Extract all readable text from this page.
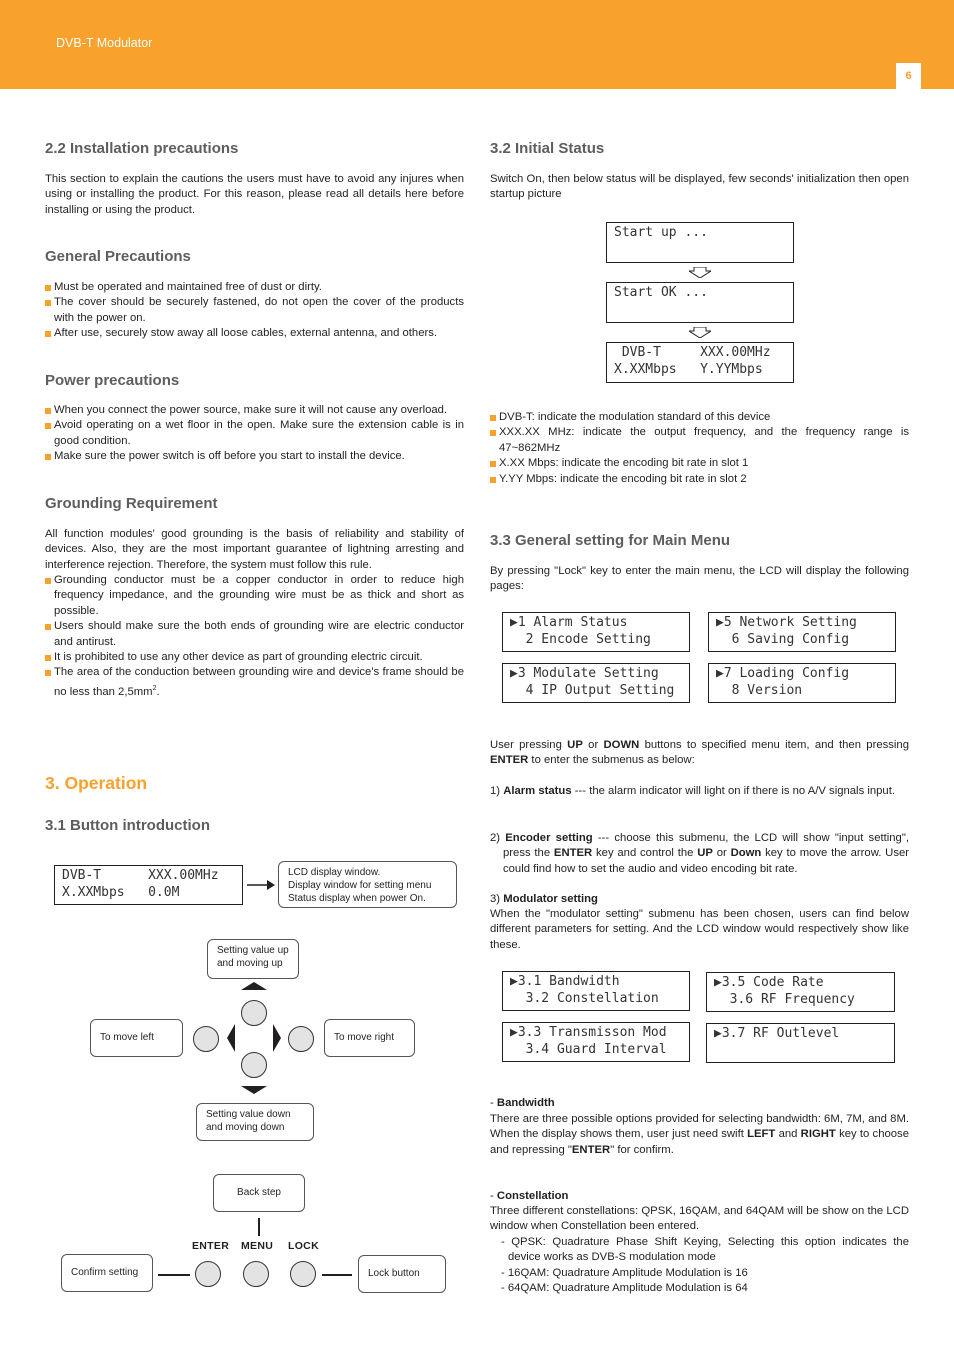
DVB-T Modulator
6
2.2 Installation precautions
This section to explain the cautions the users must have to avoid any injures when using or installing the product. For this reason, please read all details here before installing or using the product.
General Precautions
Must be operated and maintained free of dust or dirty.
The cover should be securely fastened, do not open the cover of the products with the power on.
After use, securely stow away all loose cables, external antenna, and others.
Power precautions
When you connect the power source, make sure it will not cause any overload.
Avoid operating on a wet floor in the open. Make sure the extension cable is in good condition.
Make sure the power switch is off before you start to install the device.
Grounding Requirement
All function modules' good grounding is the basis of reliability and stability of devices. Also, they are the most important guarantee of lightning arresting and interference rejection. Therefore, the system must follow this rule.
Grounding conductor must be a copper conductor in order to reduce high frequency impedance, and the grounding wire must be as thick and short as possible.
Users should make sure the both ends of grounding wire are electric conductor and antirust.
It is prohibited to use any other device as part of grounding electric circuit.
The area of the conduction between grounding wire and device's frame should be no less than $2,5mm^2$.
3. Operation
3.1 Button introduction
DVB-T      XXX.00MHz
X.XXMbps   0.0M
LCD display window.
Display window for setting menu
Status display when power On.
Setting value up
and moving up
To move left	To move right
Setting value down
and moving down
Back step
ENTER MENU LOCK
Confirm setting	Lock button
3.2 Initial Status
Switch On, then below status will be displayed, few seconds' initialization then open startup picture
Start up ...
Start OK ...
DVB-T     XXX.00MHz
X.XXMbps   Y.YYMbps
DVB-T: indicate the modulation standard of this device
XXX.XX MHz: indicate the output frequency, and the frequency range is 47~862MHz
X.XX Mbps: indicate the encoding bit rate in slot 1
Y.YY Mbps: indicate the encoding bit rate in slot 2
3.3 General setting for Main Menu
By pressing "Lock" key to enter the main menu, the LCD will display the following pages:
▶1 Alarm Status
2 Encode Setting
▶5 Network Setting
6 Saving Config
▶3 Modulate Setting
4 IP Output Setting
▶7 Loading Config
8 Version
User pressing UP or DOWN buttons to specified menu item, and then pressing ENTER to enter the submenus as below:
1) Alarm status --- the alarm indicator will light on if there is no A/V signals input.
2) Encoder setting --- choose this submenu, the LCD will show "input setting", press the ENTER key and control the UP or Down key to move the arrow. User could find how to set the audio and video encoding bit rate.
3) Modulator setting
When the "modulator setting" submenu has been chosen, users can find below different parameters for setting. And the LCD window would respectively show like these.
▶3.1 Bandwidth
3.2 Constellation
▶3.5 Code Rate
3.6 RF Frequency
▶3.3 Transmisson Mod
3.4 Guard Interval
▶3.7 RF Outlevel
- Bandwidth
There are three possible options provided for selecting bandwidth: 6M, 7M, and 8M. When the display shows them, user just need swift LEFT and RIGHT key to choose and repressing "ENTER" for confirm.
- Constellation
Three different constellations: QPSK, 16QAM, and 64QAM will be show on the LCD window when Constellation been entered.
- QPSK: Quadrature Phase Shift Keying, Selecting this option indicates the device works as DVB-S modulation mode
- 16QAM: Quadrature Amplitude Modulation is 16
- 64QAM: Quadrature Amplitude Modulation is 64
